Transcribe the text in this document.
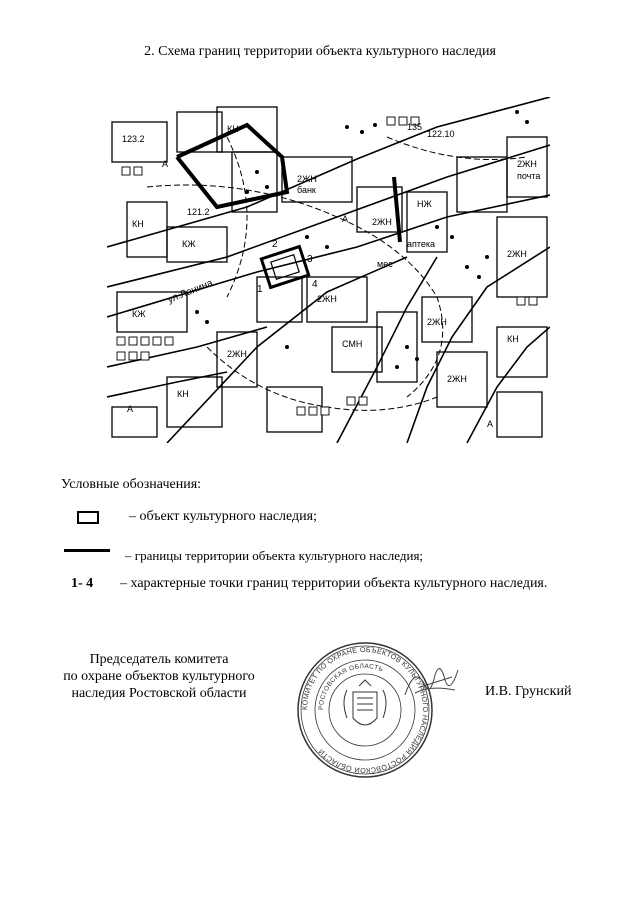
2. Схема границ территории объекта культурного наследия
ул.Ленина
2ЖН
банк
2ЖН
аптека
2ЖН
почта
2ЖН
2ЖН
СМН
2ЖН
2ЖН
2ЖН
КЖ
КЖ
КН
КН
мес
КН
КН
НЖ
121.2
122.10
123.2
135
3
2
1	4
А
А
А
А
Условные обозначения:
– объект культурного наследия;
– границы территории объекта культурного наследия;
1- 4	– характерные точки границ территории объекта культурного наследия.
Председатель комитета
по охране объектов культурного
наследия Ростовской области
КОМИТЕТ ПО ОХРАНЕ ОБЪЕКТОВ КУЛЬТУРНОГО НАСЛЕДИЯ РОСТОВСКОЙ ОБЛАСТИ
РОСТОВСКАЯ ОБЛАСТЬ
И.В. Грунский
